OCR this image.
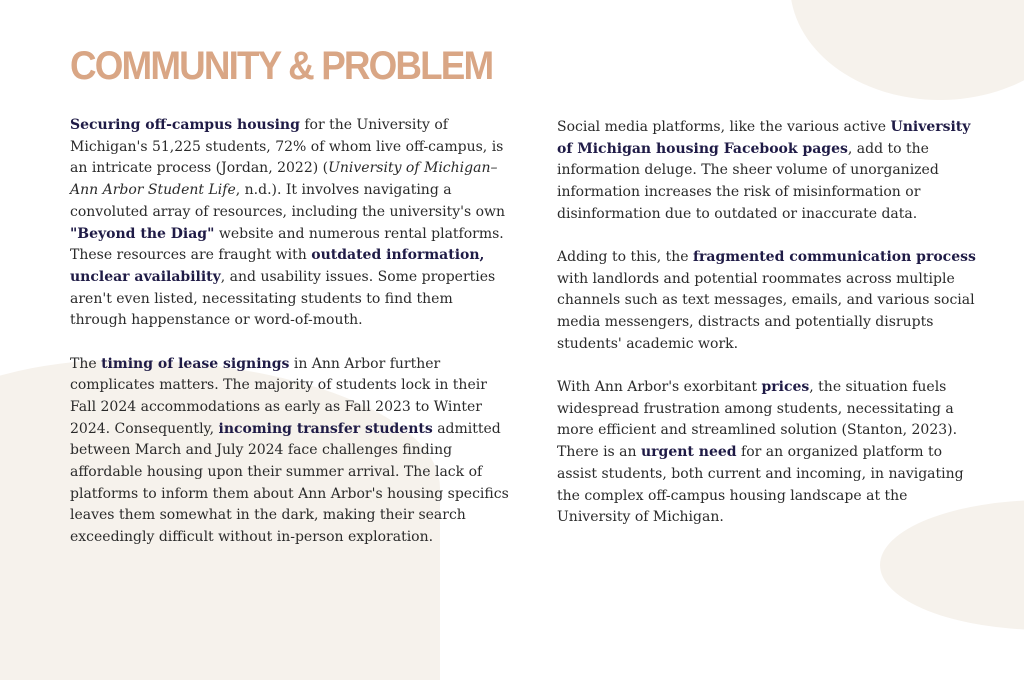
COMMUNITY & PROBLEM

Securing off-campus housing for the University of Michigan's 51,225 students, 72% of whom live off-campus, is an intricate process (Jordan, 2022) (University of Michigan–Ann Arbor Student Life, n.d.). It involves navigating a convoluted array of resources, including the university's own "Beyond the Diag" website and numerous rental platforms. These resources are fraught with outdated information, unclear availability, and usability issues. Some properties aren't even listed, necessitating students to find them through happenstance or word-of-mouth.

The timing of lease signings in Ann Arbor further complicates matters. The majority of students lock in their Fall 2024 accommodations as early as Fall 2023 to Winter 2024. Consequently, incoming transfer students admitted between March and July 2024 face challenges finding affordable housing upon their summer arrival. The lack of platforms to inform them about Ann Arbor's housing specifics leaves them somewhat in the dark, making their search exceedingly difficult without in-person exploration.

Social media platforms, like the various active University of Michigan housing Facebook pages, add to the information deluge. The sheer volume of unorganized information increases the risk of misinformation or disinformation due to outdated or inaccurate data.

Adding to this, the fragmented communication process with landlords and potential roommates across multiple channels such as text messages, emails, and various social media messengers, distracts and potentially disrupts students' academic work.

With Ann Arbor's exorbitant prices, the situation fuels widespread frustration among students, necessitating a more efficient and streamlined solution (Stanton, 2023). There is an urgent need for an organized platform to assist students, both current and incoming, in navigating the complex off-campus housing landscape at the University of Michigan.
